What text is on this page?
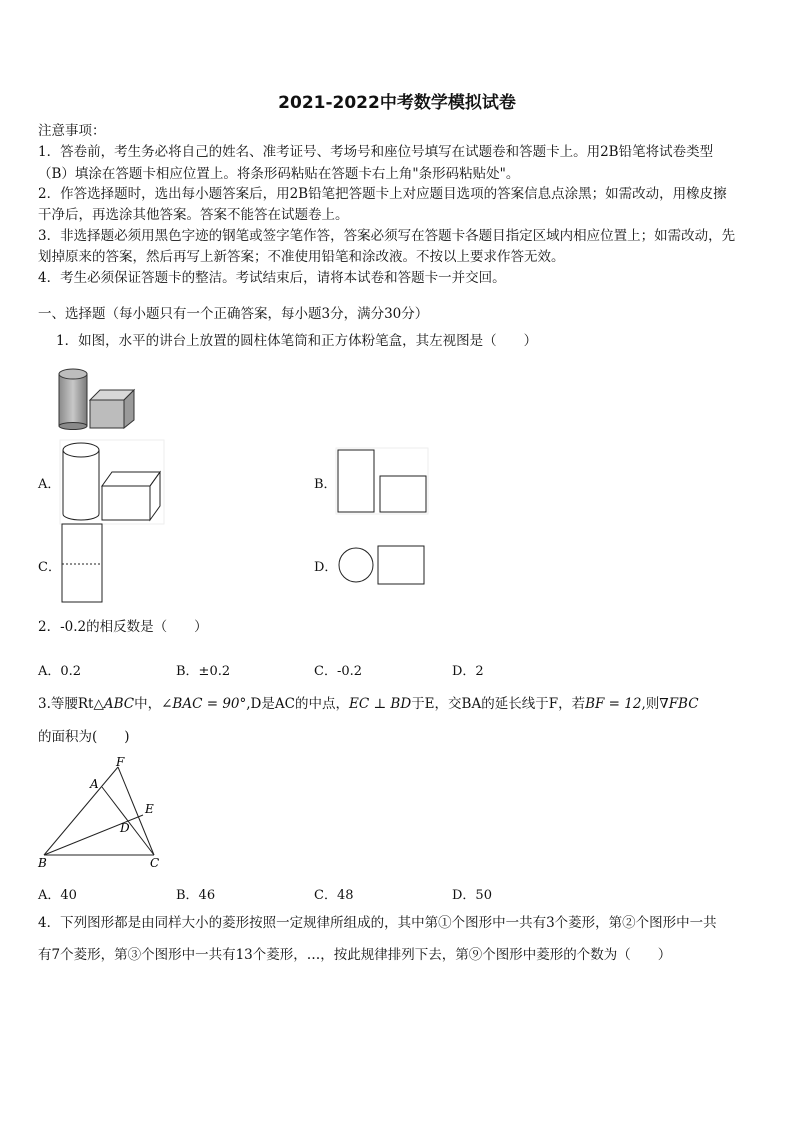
2021-2022中考数学模拟试卷
注意事项：
1．答卷前，考生务必将自己的姓名、准考证号、考场号和座位号填写在试题卷和答题卡上。用2B铅笔将试卷类型
（B）填涂在答题卡相应位置上。将条形码粘贴在答题卡右上角"条形码粘贴处"。
2．作答选择题时，选出每小题答案后，用2B铅笔把答题卡上对应题目选项的答案信息点涂黑；如需改动，用橡皮擦
干净后，再选涂其他答案。答案不能答在试题卷上。
3．非选择题必须用黑色字迹的钢笔或签字笔作答，答案必须写在答题卡各题目指定区域内相应位置上；如需改动，先
划掉原来的答案，然后再写上新答案；不准使用铅笔和涂改液。不按以上要求作答无效。
4．考生必须保证答题卡的整洁。考试结束后，请将本试卷和答题卡一并交回。
一、选择题（每小题只有一个正确答案，每小题3分，满分30分）
1．如图，水平的讲台上放置的圆柱体笔筒和正方体粉笔盒，其左视图是（　　）
A．	B．
C．	D．
2．-0.2的相反数是（　　）
A．0.2	B．±0.2	C．-0.2	D．2
3.等腰Rt△ABC中，∠BAC = 90°,D是AC的中点，EC ⊥ BD于E，交BA的延长线于F，若BF = 12,则∇FBC
的面积为(　　)
F
A
E
D
B	C
A．40	B．46	C．48	D．50
4．下列图形都是由同样大小的菱形按照一定规律所组成的，其中第①个图形中一共有3个菱形，第②个图形中一共
有7个菱形，第③个图形中一共有13个菱形，…，按此规律排列下去，第⑨个图形中菱形的个数为（　　）
